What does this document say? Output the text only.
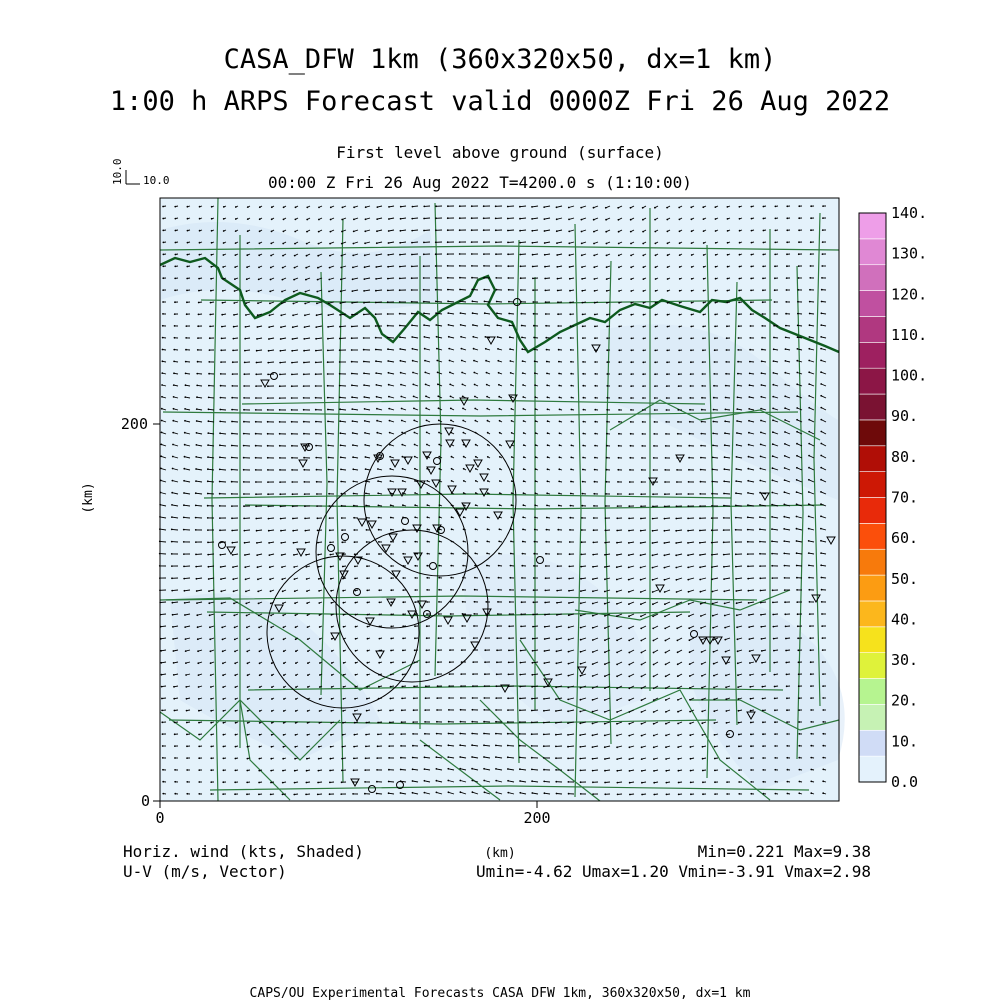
CASA_DFW 1km (360x320x50, dx=1 km)
1:00 h ARPS Forecast valid 0000Z Fri 26 Aug 2022
First level above ground (surface)
00:00 Z Fri 26 Aug 2022 T=4200.0 s (1:10:00)
0
200
0	200
(km)
(km)
10.0 10.0
0.0
10.
20.
30.
40.
50.
60.
70.
80.
90.
100.
110.
120.
130.
140.
Horiz. wind (kts, Shaded)
U-V (m/s, Vector)
Min=0.221 Max=9.38
Umin=-4.62 Umax=1.20 Vmin=-3.91 Vmax=2.98
CAPS/OU Experimental Forecasts CASA DFW 1km, 360x320x50, dx=1 km
